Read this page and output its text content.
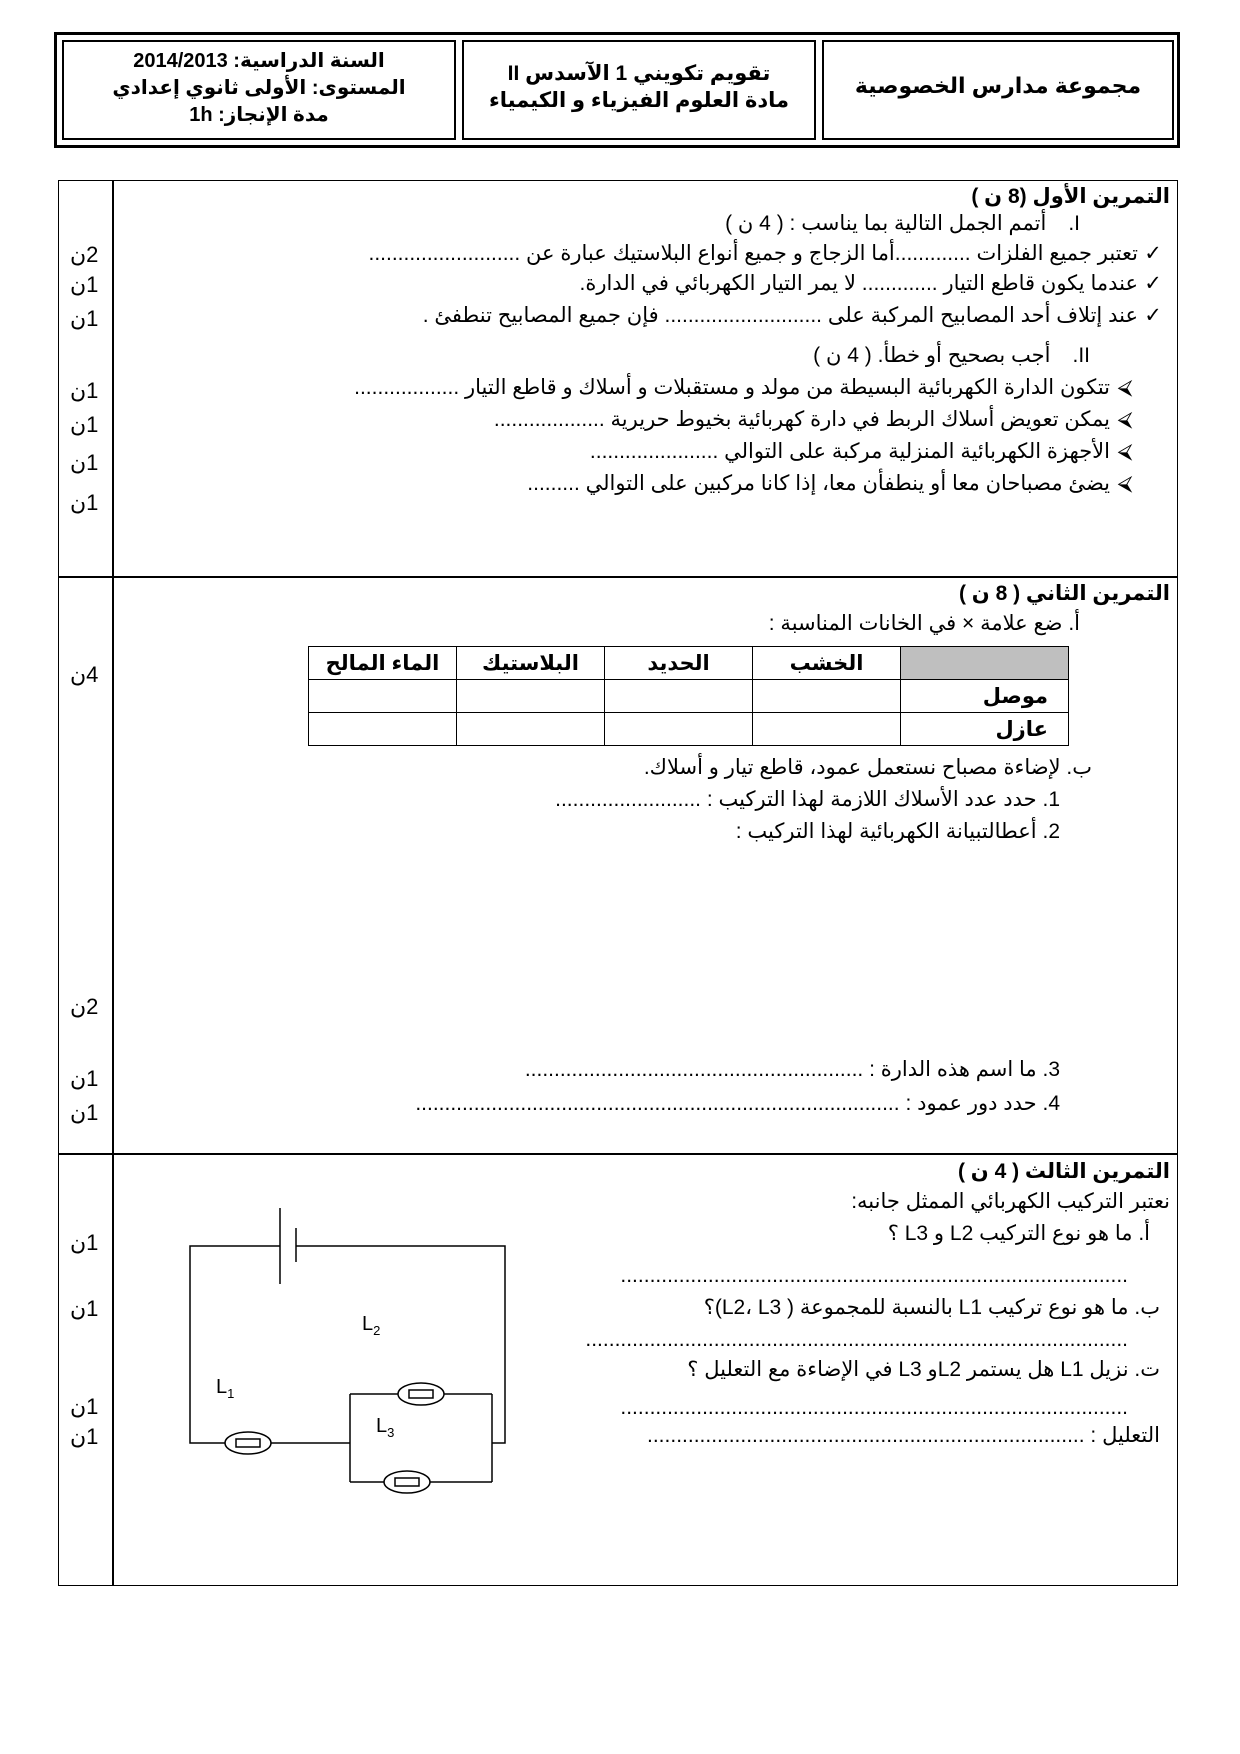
مجموعة مدارس الخصوصية
تقويم تكويني 1 الآسدس II
مادة العلوم الفيزياء و الكيمياء
السنة الدراسية: 2014/2013
المستوى: الأولى ثانوي إعدادي
مدة الإنجاز: 1h
التمرين الأول (8 ن )
I.أتمم الجمل التالية بما يناسب : ( 4 ن )
✓تعتبر جميع الفلزات .............أما الزجاج و جميع أنواع البلاستيك عبارة عن ..........................
✓عندما يكون قاطع التيار ............. لا يمر التيار الكهربائي في الدارة.
✓عند إتلاف أحد المصابيح المركبة على ........................... فإن جميع المصابيح تنطفئ .
II.أجب بصحيح أو خطأ. ( 4 ن )
⮘تتكون الدارة الكهربائية البسيطة من مولد و مستقبلات و أسلاك و قاطع التيار ..................
⮘يمكن تعويض أسلاك الربط في دارة كهربائية بخيوط حريرية ...................
⮘الأجهزة الكهربائية المنزلية مركبة على التوالي ......................
⮘يضئ مصباحان معا أو ينطفأن معا، إذا كانا مركبين على التوالي .........
2ن
1ن
1ن
1ن
1ن
1ن
1ن
التمرين الثاني ( 8 ن )
أ. ضع علامة × في الخانات المناسبة :
	الخشب	الحديد	البلاستيك	الماء المالح
موصل				
عازل				
ب. لإضاءة مصباح نستعمل عمود، قاطع تيار و أسلاك.
1. حدد عدد الأسلاك اللازمة لهذا التركيب : .........................
2. أعطالتبيانة الكهربائية لهذا التركيب :
3. ما اسم هذه الدارة : ..........................................................
4. حدد دور عمود : ...................................................................................
4ن
2ن
1ن
1ن
التمرين الثالث ( 4 ن )
نعتبر التركيب الكهربائي الممثل جانبه:
أ. ما هو نوع التركيب L2 و L3 ؟
.......................................................................................
ب. ما هو نوع تركيب L1 بالنسبة للمجموعة ( L2، L3)؟
.............................................................................................
ت. نزيل L1 هل يستمر L2و L3 في الإضاءة مع التعليل ؟
.......................................................................................
التعليل : ...........................................................................
1ن
1ن
1ن
1ن
$L_1$
$L_2$
$L_3$
